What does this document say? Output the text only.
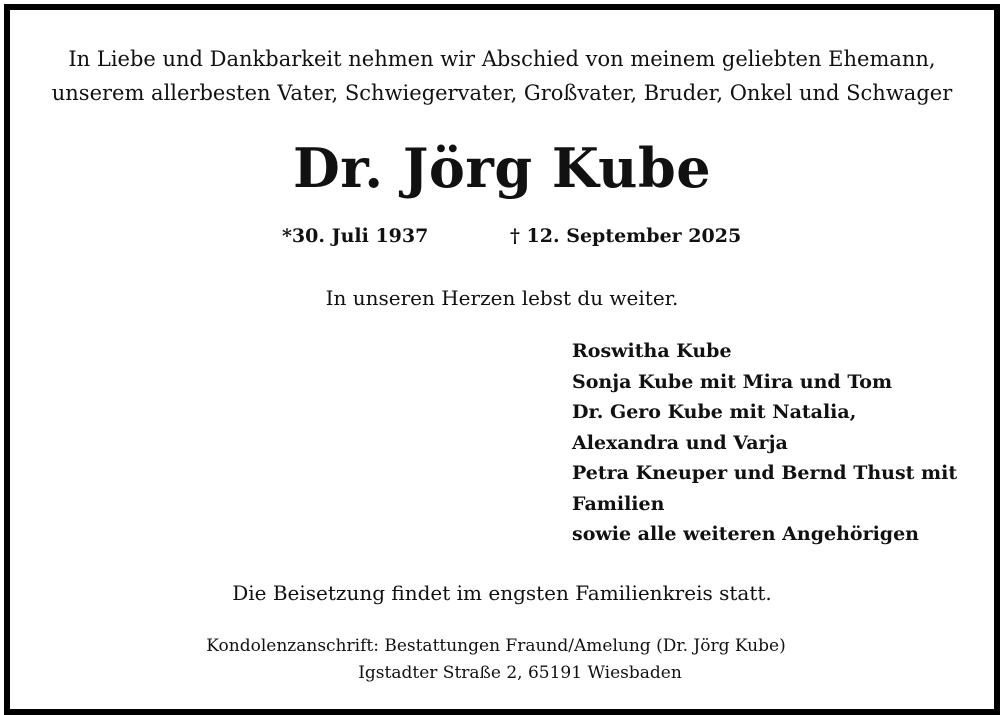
In Liebe und Dankbarkeit nehmen wir Abschied von meinem geliebten Ehemann,
unserem allerbesten Vater, Schwiegervater, Großvater, Bruder, Onkel und Schwager
Dr. Jörg Kube
*30. Juli 1937	† 12. September 2025
In unseren Herzen lebst du weiter.
Roswitha Kube
Sonja Kube mit Mira und Tom
Dr. Gero Kube mit Natalia,
Alexandra und Varja
Petra Kneuper und Bernd Thust mit
Familien
sowie alle weiteren Angehörigen
Die Beisetzung findet im engsten Familienkreis statt.
Kondolenzanschrift: Bestattungen Fraund/Amelung (Dr. Jörg Kube)
Igstadter Straße 2, 65191 Wiesbaden
